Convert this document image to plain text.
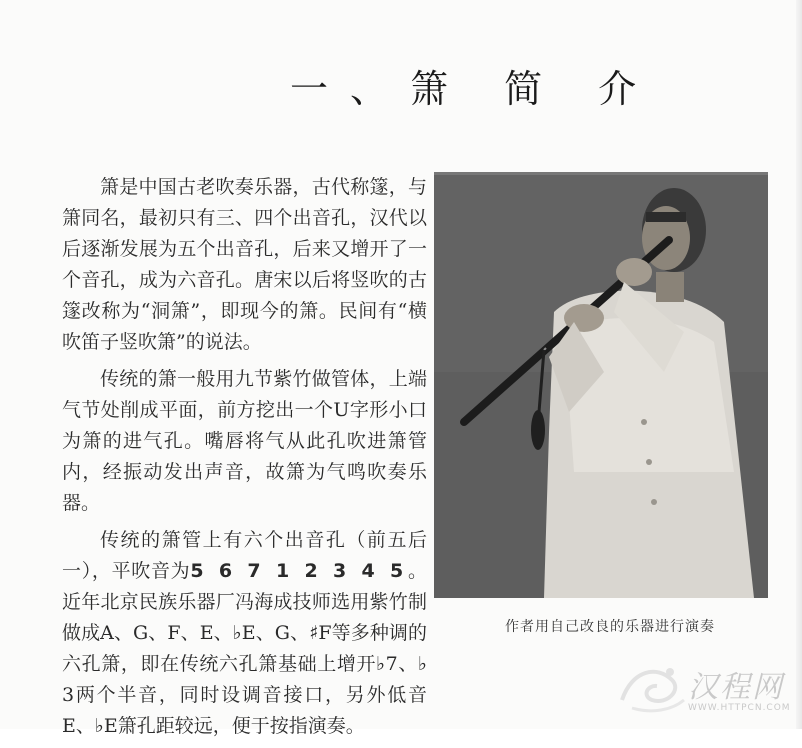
一、箫 简 介

箫是中国古老吹奏乐器，古代称篴，与箫同名，最初只有三、四个出音孔，汉代以后逐渐发展为五个出音孔，后来又增开了一个音孔，成为六音孔。唐宋以后将竖吹的古篴改称为“洞箫”，即现今的箫。民间有“横吹笛子竖吹箫”的说法。

传统的箫一般用九节紫竹做管体，上端气节处削成平面，前方挖出一个U字形小口为箫的进气孔。嘴唇将气从此孔吹进箫管内，经振动发出声音，故箫为气鸣吹奏乐器。

传统的箫管上有六个出音孔（前五后一），平吹音为5 6 7 1 2 3 4 5。近年北京民族乐器厂冯海成技师选用紫竹制做成A、G、F、E、♭E、G、♯F等多种调的六孔箫，即在传统六孔箫基础上增开♭7、♭3两个半音，同时设调音接口，另外低音E、♭E箫孔距较远，便于按指演奏。

作者用自己改良的乐器进行演奏
汉程网
WWW.HTTPCN.COM
